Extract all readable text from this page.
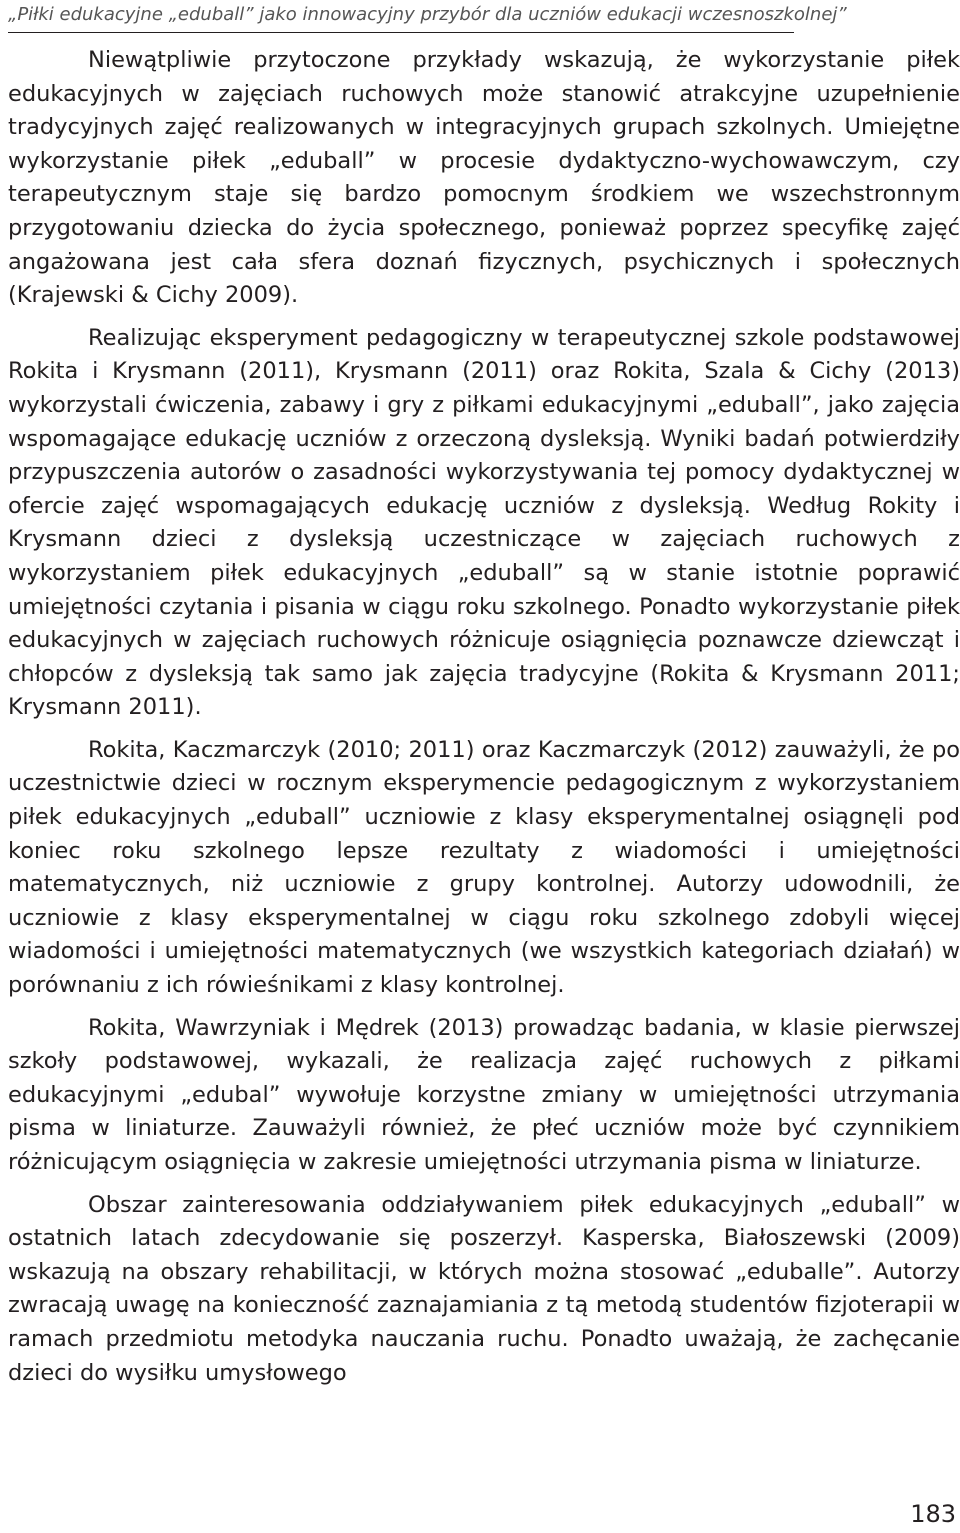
„Piłki edukacyjne „eduball” jako innowacyjny przybór dla uczniów edukacji wczesnoszkolnej”

Niewątpliwie przytoczone przykłady wskazują, że wykorzystanie piłek edukacyjnych w zajęciach ruchowych może stanowić atrakcyjne uzupełnienie tradycyjnych zajęć realizowanych w integracyjnych grupach szkolnych. Umiejętne wykorzystanie piłek „eduball” w procesie dydaktyczno-wychowawczym, czy terapeutycznym staje się bardzo pomocnym środkiem we wszechstronnym przygotowaniu dziecka do życia społecznego, ponieważ poprzez specyfikę zajęć angażowana jest cała sfera doznań fizycznych, psychicznych i społecznych (Krajewski & Cichy 2009).

Realizując eksperyment pedagogiczny w terapeutycznej szkole podstawowej Rokita i Krysmann (2011), Krysmann (2011) oraz Rokita, Szala & Cichy (2013) wykorzystali ćwiczenia, zabawy i gry z piłkami edukacyjnymi „eduball”, jako zajęcia wspomagające edukację uczniów z orzeczoną dysleksją. Wyniki badań potwierdziły przypuszczenia autorów o zasadności wykorzystywania tej pomocy dydaktycznej w ofercie zajęć wspomagających edukację uczniów z dysleksją. Według Rokity i Krysmann dzieci z dysleksją uczestniczące w zajęciach ruchowych z wykorzystaniem piłek edukacyjnych „eduball” są w stanie istotnie poprawić umiejętności czytania i pisania w ciągu roku szkolnego. Ponadto wykorzystanie piłek edukacyjnych w zajęciach ruchowych różnicuje osiągnięcia poznawcze dziewcząt i chłopców z dysleksją tak samo jak zajęcia tradycyjne (Rokita & Krysmann 2011; Krysmann 2011).

Rokita, Kaczmarczyk (2010; 2011) oraz Kaczmarczyk (2012) zauważyli, że po uczestnictwie dzieci w rocznym eksperymencie pedagogicznym z wykorzystaniem piłek edukacyjnych „eduball” uczniowie z klasy eksperymentalnej osiągnęli pod koniec roku szkolnego lepsze rezultaty z wiadomości i umiejętności matematycznych, niż uczniowie z grupy kontrolnej. Autorzy udowodnili, że uczniowie z klasy eksperymentalnej w ciągu roku szkolnego zdobyli więcej wiadomości i umiejętności matematycznych (we wszystkich kategoriach działań) w porównaniu z ich rówieśnikami z klasy kontrolnej.

Rokita, Wawrzyniak i Mędrek (2013) prowadząc badania, w klasie pierwszej szkoły podstawowej, wykazali, że realizacja zajęć ruchowych z piłkami edukacyjnymi „edubal” wywołuje korzystne zmiany w umiejętności utrzymania pisma w liniaturze. Zauważyli również, że płeć uczniów może być czynnikiem różnicującym osiągnięcia w zakresie umiejętności utrzymania pisma w liniaturze.

Obszar zainteresowania oddziaływaniem piłek edukacyjnych „eduball” w ostatnich latach zdecydowanie się poszerzył. Kasperska, Białoszewski (2009) wskazują na obszary rehabilitacji, w których można stosować „eduballe”. Autorzy zwracają uwagę na konieczność zaznajamiania z tą metodą studentów fizjoterapii w ramach przedmiotu metodyka nauczania ruchu. Ponadto uważają, że zachęcanie dzieci do wysiłku umysłowego

183
